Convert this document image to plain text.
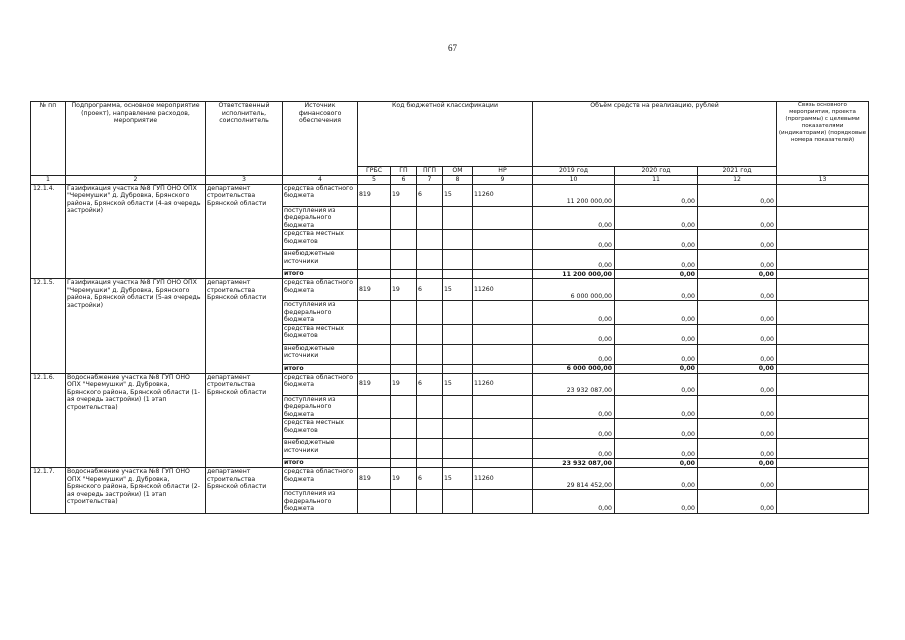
67
№ пп	Подпрограмма, основное мероприятие (проект), направление расходов, мероприятие	Ответственный исполнитель, соисполнитель	Источник финансового обеспечения	Код бюджетной классификации					Объём средств на реализацию, рублей			Связь основного мероприятия, проекта (программы) с целевыми показателями (индикаторами) (порядковые номера показателей)
				ГРБС	ГП	ПГП	ОМ	НР	2019 год	2020 год	2021 год	
1	2	3	4	5	6	7	8	9	10	11	12	13
12.1.4.	Газификация участка №8 ГУП ОНО ОПХ "Черемушки" д. Дубровка, Брянского района, Брянской области (4-ая очередь застройки)	департамент строительства Брянской области	средства областного бюджета	819	19	6	15	11260	11 200 000,00	0,00	0,00	
			поступления из федерального бюджета						0,00	0,00	0,00	
			средства местных бюджетов						0,00	0,00	0,00	
			внебюджетные источники						0,00	0,00	0,00	
			итого						11 200 000,00	0,00	0,00	
12.1.5.	Газификация участка №8 ГУП ОНО ОПХ "Черемушки" д. Дубровка, Брянского района, Брянской области (5-ая очередь застройки)	департамент строительства Брянской области	средства областного бюджета	819	19	6	15	11260	6 000 000,00	0,00	0,00	
			поступления из федерального бюджета						0,00	0,00	0,00	
			средства местных бюджетов						0,00	0,00	0,00	
			внебюджетные источники						0,00	0,00	0,00	
			итого						6 000 000,00	0,00	0,00	
12.1.6.	Водоснабжение участка №8 ГУП ОНО ОПХ "Черемушки" д. Дубровка, Брянского района, Брянской области (1-ая очередь застройки) (1 этап строительства)	департамент строительства Брянской области	средства областного бюджета	819	19	6	15	11260	23 932 087,00	0,00	0,00	
			поступления из федерального бюджета						0,00	0,00	0,00	
			средства местных бюджетов						0,00	0,00	0,00	
			внебюджетные источники						0,00	0,00	0,00	
			итого						23 932 087,00	0,00	0,00	
12.1.7.	Водоснабжение участка №8 ГУП ОНО ОПХ "Черемушки" д. Дубровка, Брянского района, Брянской области (2-ая очередь застройки) (1 этап строительства)	департамент строительства Брянской области	средства областного бюджета	819	19	6	15	11260	29 814 452,00	0,00	0,00	
			поступления из федерального бюджета						0,00	0,00	0,00	
